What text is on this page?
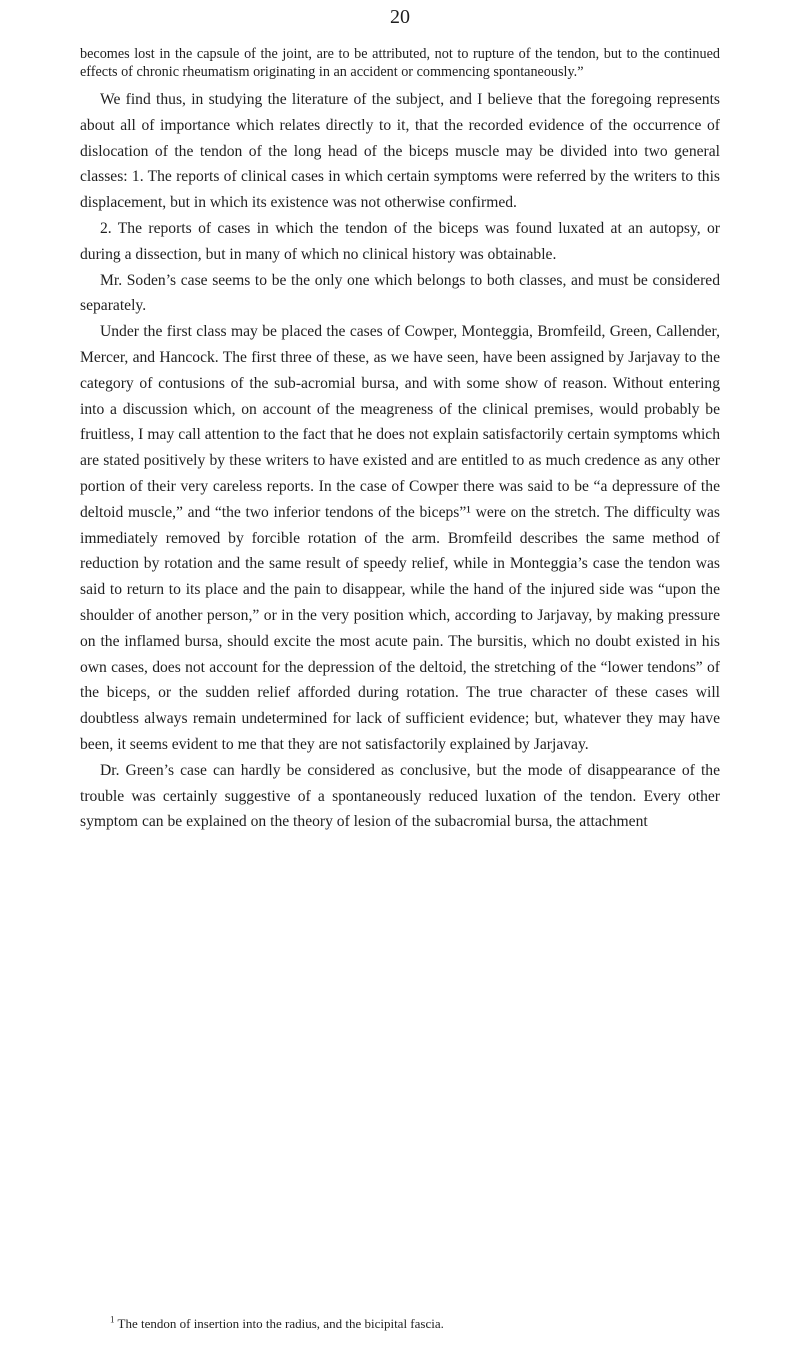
20

becomes lost in the capsule of the joint, are to be attributed, not to rupture of the tendon, but to the continued effects of chronic rheumatism originating in an accident or commencing spontaneously.”

We find thus, in studying the literature of the subject, and I believe that the foregoing represents about all of importance which relates directly to it, that the recorded evidence of the occurrence of dislocation of the tendon of the long head of the biceps muscle may be divided into two general classes: 1. The reports of clinical cases in which certain symptoms were referred by the writers to this displacement, but in which its existence was not otherwise confirmed.

2. The reports of cases in which the tendon of the biceps was found luxated at an autopsy, or during a dissection, but in many of which no clinical history was obtainable.

Mr. Soden’s case seems to be the only one which belongs to both classes, and must be considered separately.

Under the first class may be placed the cases of Cowper, Monteggia, Bromfeild, Green, Callender, Mercer, and Hancock. The first three of these, as we have seen, have been assigned by Jarjavay to the category of contusions of the sub-acromial bursa, and with some show of reason. Without entering into a discussion which, on account of the meagreness of the clinical premises, would probably be fruitless, I may call attention to the fact that he does not explain satisfactorily certain symptoms which are stated positively by these writers to have existed and are entitled to as much credence as any other portion of their very careless reports. In the case of Cowper there was said to be “a depressure of the deltoid muscle,” and “the two inferior tendons of the biceps”¹ were on the stretch. The difficulty was immediately removed by forcible rotation of the arm. Bromfeild describes the same method of reduction by rotation and the same result of speedy relief, while in Monteggia’s case the tendon was said to return to its place and the pain to disappear, while the hand of the injured side was “upon the shoulder of another person,” or in the very position which, according to Jarjavay, by making pressure on the inflamed bursa, should excite the most acute pain. The bursitis, which no doubt existed in his own cases, does not account for the depression of the deltoid, the stretching of the “lower tendons” of the biceps, or the sudden relief afforded during rotation. The true character of these cases will doubtless always remain undetermined for lack of sufficient evidence; but, whatever they may have been, it seems evident to me that they are not satisfactorily explained by Jarjavay.

Dr. Green’s case can hardly be considered as conclusive, but the mode of disappearance of the trouble was certainly suggestive of a spontaneously reduced luxation of the tendon. Every other symptom can be explained on the theory of lesion of the subacromial bursa, the attachment

$^1$ The tendon of insertion into the radius, and the bicipital fascia.
